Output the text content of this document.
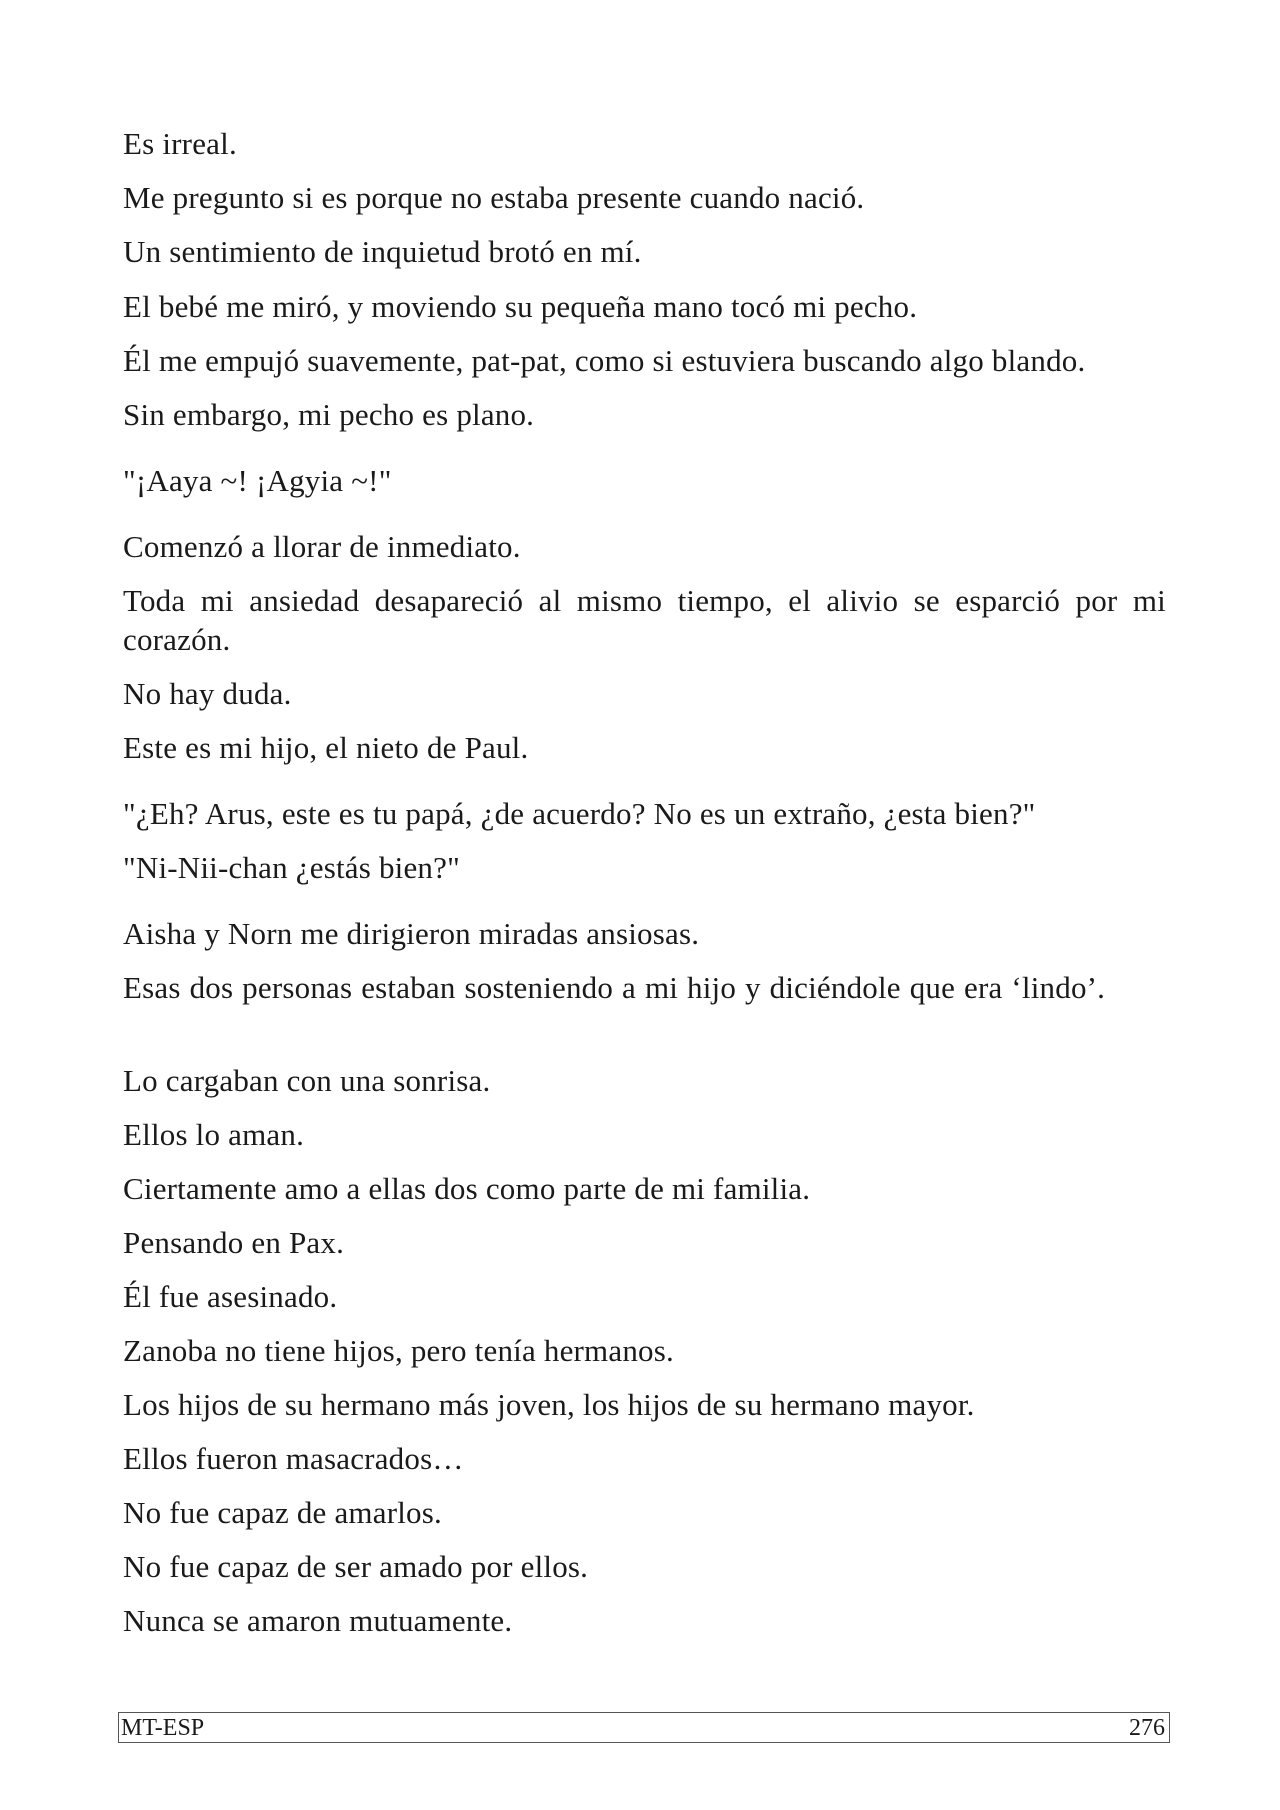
Es irreal.

Me pregunto si es porque no estaba presente cuando nació.

Un sentimiento de inquietud brotó en mí.

El bebé me miró, y moviendo su pequeña mano tocó mi pecho.

Él me empujó suavemente, pat-pat, como si estuviera buscando algo blando.

Sin embargo, mi pecho es plano.

"¡Aaya ~! ¡Agyia ~!"

Comenzó a llorar de inmediato.

Toda mi ansiedad desapareció al mismo tiempo, el alivio se esparció por mi corazón.

No hay duda.

Este es mi hijo, el nieto de Paul.

"¿Eh? Arus, este es tu papá, ¿de acuerdo? No es un extraño, ¿esta bien?"

"Ni-Nii-chan ¿estás bien?"

Aisha y Norn me dirigieron miradas ansiosas.

Esas dos personas estaban sosteniendo a mi hijo y diciéndole que era ‘lindo’.

Lo cargaban con una sonrisa.

Ellos lo aman.

Ciertamente amo a ellas dos como parte de mi familia.

Pensando en Pax.

Él fue asesinado.

Zanoba no tiene hijos, pero tenía hermanos.

Los hijos de su hermano más joven, los hijos de su hermano mayor.

Ellos fueron masacrados…

No fue capaz de amarlos.

No fue capaz de ser amado por ellos.

Nunca se amaron mutuamente.

MT-ESP	276
